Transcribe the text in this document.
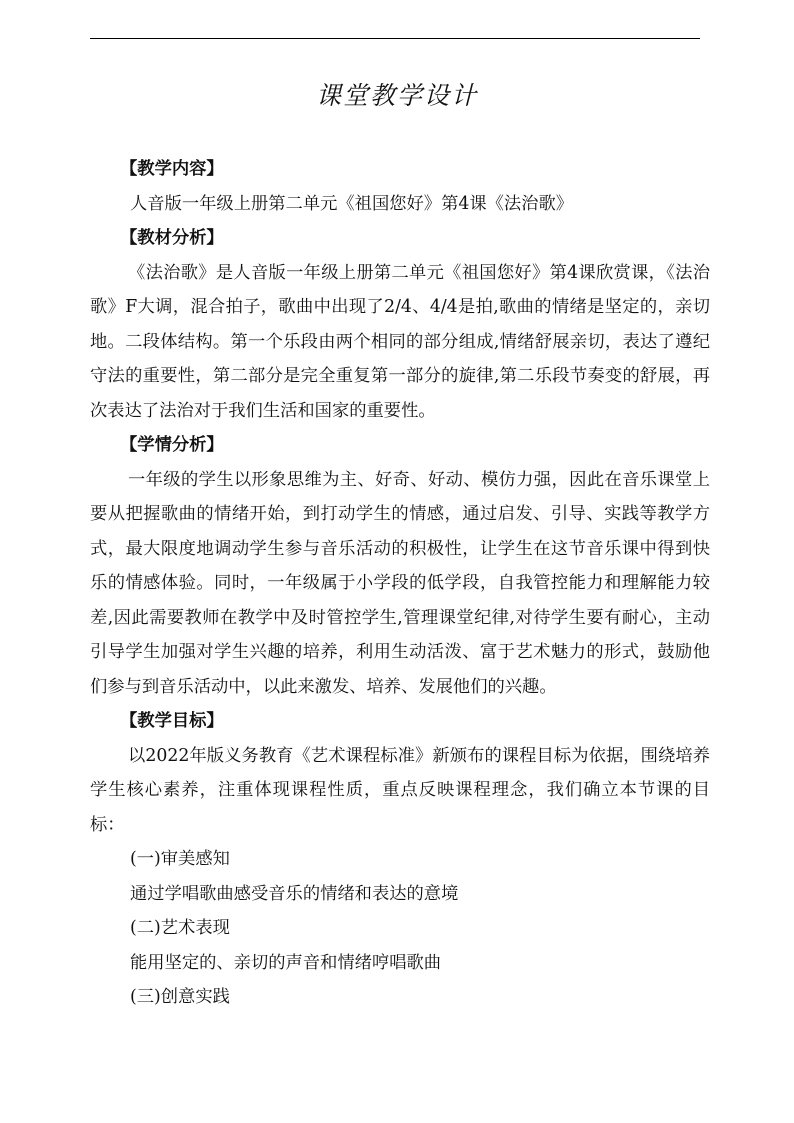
课堂教学设计

【教学内容】

人音版一年级上册第二单元《祖国您好》第4课《法治歌》

【教材分析】

《法治歌》是人音版一年级上册第二单元《祖国您好》第4课欣赏课，《法治歌》F大调，混合拍子，歌曲中出现了2/4、4/4是拍,歌曲的情绪是坚定的，亲切地。二段体结构。第一个乐段由两个相同的部分组成,情绪舒展亲切，表达了遵纪守法的重要性，第二部分是完全重复第一部分的旋律,第二乐段节奏变的舒展，再次表达了法治对于我们生活和国家的重要性。

【学情分析】

一年级的学生以形象思维为主、好奇、好动、模仿力强，因此在音乐课堂上要从把握歌曲的情绪开始，到打动学生的情感，通过启发、引导、实践等教学方式，最大限度地调动学生参与音乐活动的积极性，让学生在这节音乐课中得到快乐的情感体验。同时，一年级属于小学段的低学段，自我管控能力和理解能力较差,因此需要教师在教学中及时管控学生,管理课堂纪律,对待学生要有耐心，主动引导学生加强对学生兴趣的培养，利用生动活泼、富于艺术魅力的形式，鼓励他们参与到音乐活动中，以此来激发、培养、发展他们的兴趣。

【教学目标】

以2022年版义务教育《艺术课程标准》新颁布的课程目标为依据，围绕培养学生核心素养，注重体现课程性质，重点反映课程理念，我们确立本节课的目标：

(一)审美感知

通过学唱歌曲感受音乐的情绪和表达的意境

(二)艺术表现

能用坚定的、亲切的声音和情绪哼唱歌曲

(三)创意实践
